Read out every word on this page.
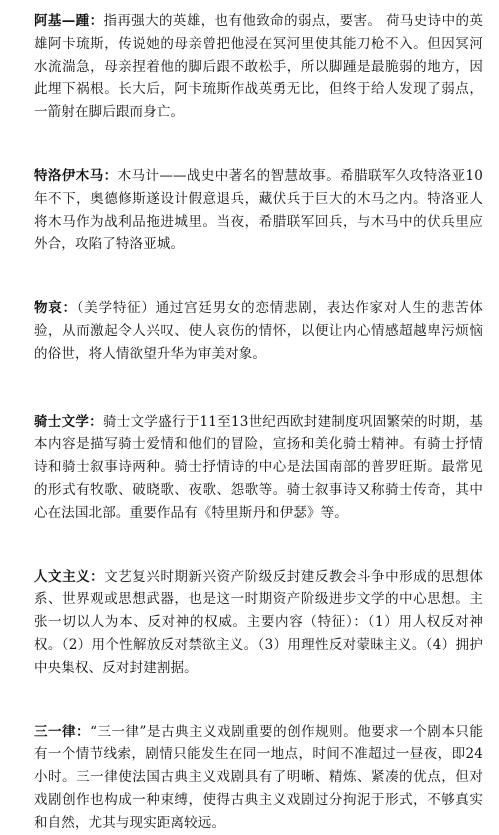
阿基—踵：指再强大的英雄，也有他致命的弱点，要害。 荷马史诗中的英雄阿卡琉斯，传说她的母亲曾把他浸在冥河里使其能刀枪不入。但因冥河水流湍急，母亲捏着他的脚后跟不敢松手，所以脚踵是最脆弱的地方，因此埋下祸根。长大后，阿卡琉斯作战英勇无比，但终于给人发现了弱点，一箭射在脚后跟而身亡。

特洛伊木马：木马计——战史中著名的智慧故事。希腊联军久攻特洛亚10年不下，奥德修斯遂设计假意退兵，藏伏兵于巨大的木马之内。特洛亚人将木马作为战利品拖进城里。当夜，希腊联军回兵，与木马中的伏兵里应外合，攻陷了特洛亚城。

物哀：（美学特征）通过宫廷男女的恋情悲剧，表达作家对人生的悲苦体验，从而激起令人兴叹、使人哀伤的情怀，以便让内心情感超越卑污烦恼的俗世，将人情欲望升华为审美对象。

骑士文学：骑士文学盛行于11至13世纪西欧封建制度巩固繁荣的时期，基本内容是描写骑士爱情和他们的冒险，宣扬和美化骑士精神。有骑士抒情诗和骑士叙事诗两种。骑士抒情诗的中心是法国南部的普罗旺斯。最常见的形式有牧歌、破晓歌、夜歌、怨歌等。骑士叙事诗又称骑士传奇，其中心在法国北部。重要作品有《特里斯丹和伊瑟》等。

人文主义：文艺复兴时期新兴资产阶级反封建反教会斗争中形成的思想体系、世界观或思想武器，也是这一时期资产阶级进步文学的中心思想。主张一切以人为本、反对神的权威。主要内容（特征）：（1）用人权反对神权。（2）用个性解放反对禁欲主义。（3）用理性反对蒙昧主义。（4）拥护中央集权、反对封建割据。

三一律：“三一律”是古典主义戏剧重要的创作规则。他要求一个剧本只能有一个情节线索，剧情只能发生在同一地点，时间不准超过一昼夜，即24小时。三一律使法国古典主义戏剧具有了明晰、精炼、紧凑的优点，但对戏剧创作也构成一种束缚，使得古典主义戏剧过分拘泥于形式，不够真实和自然，尤其与现实距离较远。
